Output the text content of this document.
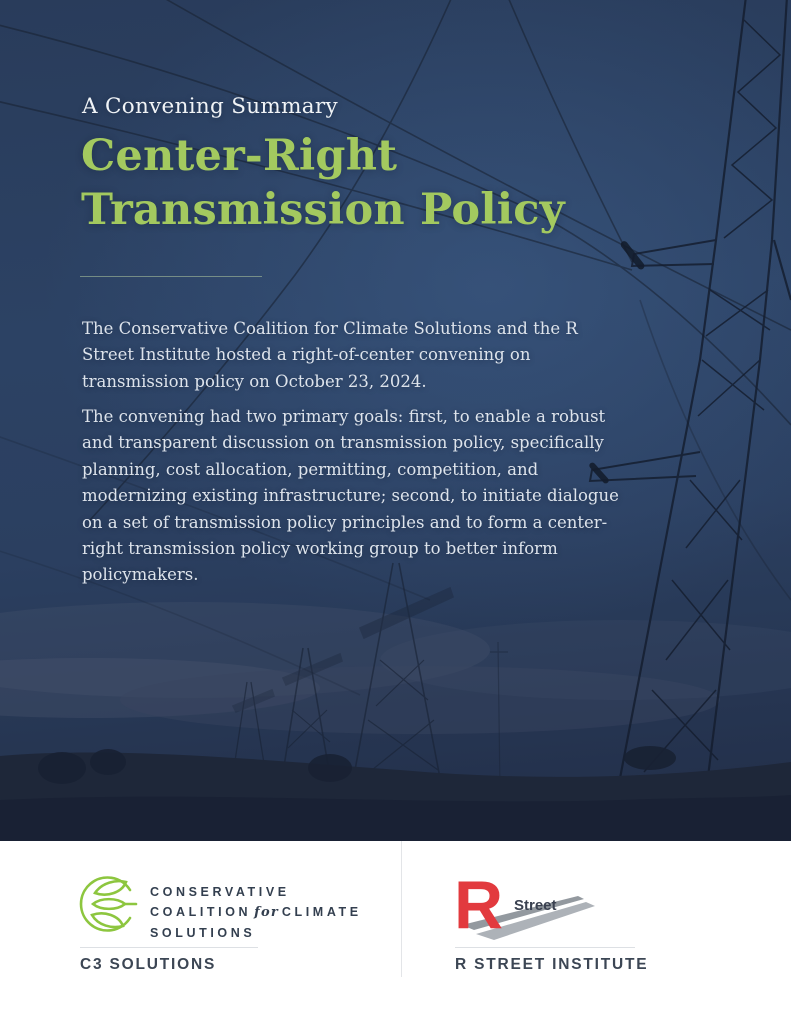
A Convening Summary
Center-Right
Transmission Policy

The Conservative Coalition for Climate Solutions and the R Street Institute hosted a right-of-center convening on transmission policy on October 23, 2024.

The convening had two primary goals: first, to enable a robust and transparent discussion on transmission policy, specifically planning, cost allocation, permitting, competition, and modernizing existing infrastructure; second, to initiate dialogue on a set of transmission policy principles and to form a center-right transmission policy working group to better inform policymakers.

CONSERVATIVE
COALITION for CLIMATE
SOLUTIONS
C3 SOLUTIONS
R Street
R STREET INSTITUTE
